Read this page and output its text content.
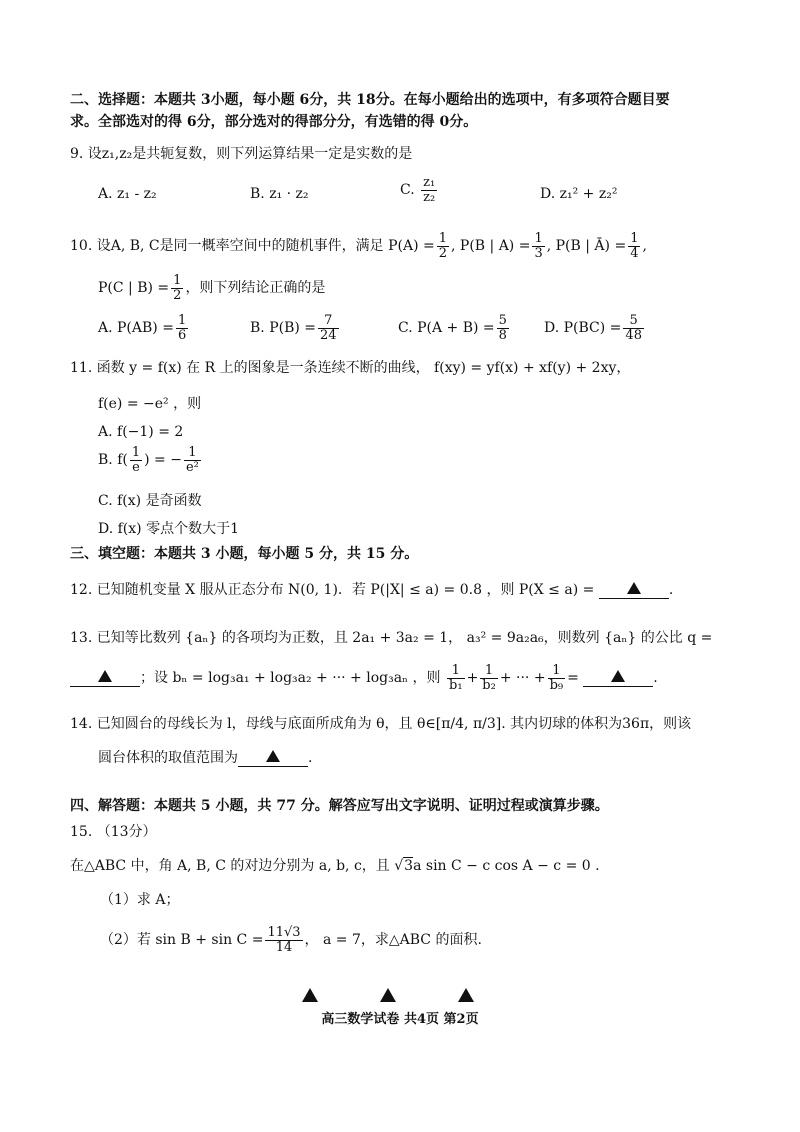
二、选择题：本题共 3小题，每小题 6分，共 18分。在每小题给出的选项中，有多项符合题目要
求。全部选对的得 6分，部分选对的得部分分，有选错的得 0分。
9. 设z₁,z₂是共轭复数，则下列运算结果一定是实数的是
A. z₁ - z₂	B. z₁ · z₂	C. $\frac{\text{z₁}}{\text{z₂}}$	D. z₁² + z₂²
10. 设A, B, C是同一概率空间中的随机事件，满足 $P(A) = \frac{1}{2}$ , P(B | $A) = \frac{1}{3}$ , P(B | Ā) = $\frac{1}{4}$ ,
P(C | $B) = \frac{1}{2}$ ，则下列结论正确的是
A. $P(AB) = \frac{1}{6}$	B. $P(B) = \frac{7}{24}$	C. $P(A + B) = \frac{5}{8}$	D. $P(BC) = \frac{5}{48}$
11. 函数 y = f(x) 在 R 上的图象是一条连续不断的曲线， f(xy) = yf(x) + xf(y) + 2xy，
f(e) = −e² ，则
A. f(−1) = 2
B. $f( \frac{1}{e}$ ) = − $\frac{1}{\text{e²}}$
C. f(x) 是奇函数
D. f(x) 零点个数大于1
三、填空题：本题共 3 小题，每小题 5 分，共 15 分。
12. 已知随机变量 X 服从正态分布 N(0, 1)．若 P(|X| ≤ a) = 0.8 ，则 P(X ≤ a) =	.
13. 已知等比数列 {aₙ} 的各项均为正数，且 2a₁ + 3a₂ = 1， a₃² = 9a₂a₆，则数列 {aₙ} 的公比 q =
；设 bₙ = log₃a₁ + log₃a₂ + ··· + log₃aₙ ，则 $\frac{1}{\text{b₁}} + \frac{1}{\text{b₂}}$ + ··· + $\frac{1}{\text{b₉}}$ =	.
14. 已知圆台的母线长为 l，母线与底面所成角为 θ，且 θ∈[π/4, π/3]. 其内切球的体积为36π，则该
圆台体积的取值范围为	.
四、解答题：本题共 5 小题，共 77 分。解答应写出文字说明、证明过程或演算步骤。
15. （13分）
在△ABC 中，角 A, B, C 的对边分别为 a, b, c，且 √3a sin C − c cos A − c = 0 .
（1）求 A；
（2）若 $\sin B + \sin C = \frac{11√3}{14}$ ， a = 7，求△ABC 的面积.
高三数学试卷 共4页 第2页
